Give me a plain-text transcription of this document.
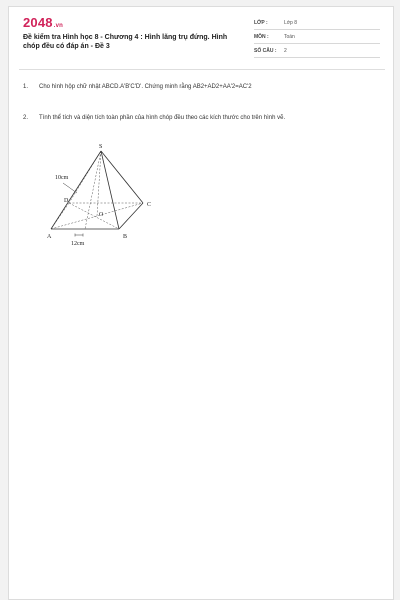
2048.vn
Đề kiểm tra Hình học 8 - Chương 4 : Hình lăng trụ đứng. Hình chóp đều có đáp án - Đề 3
LỚP :	Lớp 8
MÔN :	Toán
SỐ CÂU : 2
1. Cho hình hộp chữ nhật ABCD.A'B'C'D'. Chứng minh rằng AB2+AD2+AA'2=AC'2
2. Tính thể tích và diện tích toàn phần của hình chóp đều theo các kích thước cho trên hình vẽ.
S
A	B
C
D
O
10cm
12cm
